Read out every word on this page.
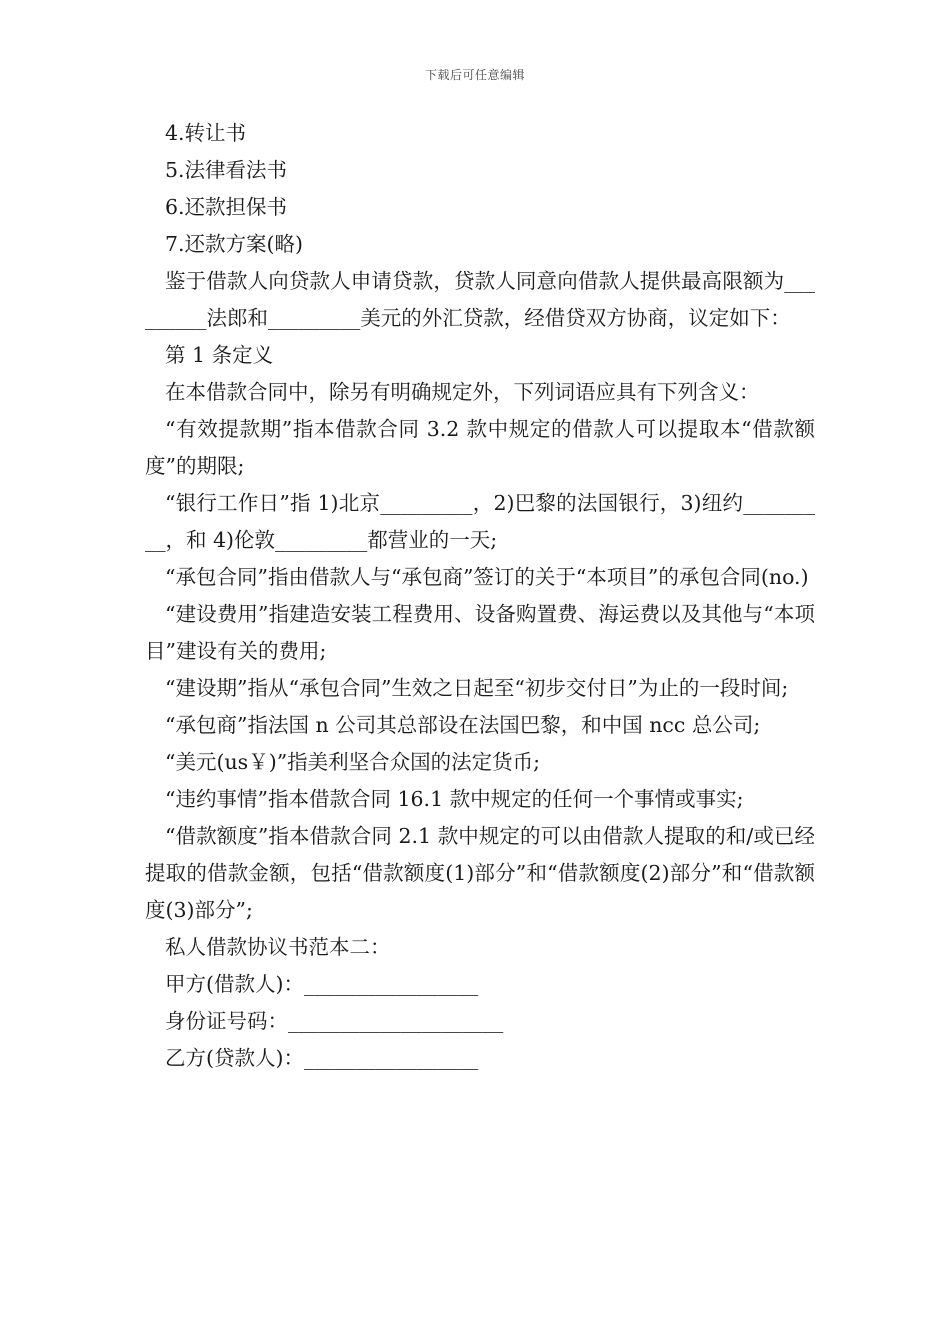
下载后可任意编辑

4.转让书

5.法律看法书

6.还款担保书

7.还款方案(略)

鉴于借款人向贷款人申请贷款，贷款人同意向借款人提供最高限额为_________法郎和_________美元的外汇贷款，经借贷双方协商，议定如下：

第 1 条定义

在本借款合同中，除另有明确规定外，下列词语应具有下列含义：

“有效提款期”指本借款合同 3.2 款中规定的借款人可以提取本“借款额度”的期限;

“银行工作日”指 1)北京_________，2)巴黎的法国银行，3)纽约_________，和 4)伦敦_________都营业的一天;

“承包合同”指由借款人与“承包商”签订的关于“本项目”的承包合同(no.)

“建设费用”指建造安装工程费用、设备购置费、海运费以及其他与“本项目”建设有关的费用;

“建设期”指从“承包合同”生效之日起至“初步交付日”为止的一段时间;

“承包商”指法国 n 公司其总部设在法国巴黎，和中国 ncc 总公司;

“美元(us￥)”指美利坚合众国的法定货币;

“违约事情”指本借款合同 16.1 款中规定的任何一个事情或事实;

“借款额度”指本借款合同 2.1 款中规定的可以由借款人提取的和/或已经提取的借款金额，包括“借款额度(1)部分”和“借款额度(2)部分”和“借款额度(3)部分”;

私人借款协议书范本二：

甲方(借款人)：_________________

身份证号码：_____________________

乙方(贷款人)：_________________
